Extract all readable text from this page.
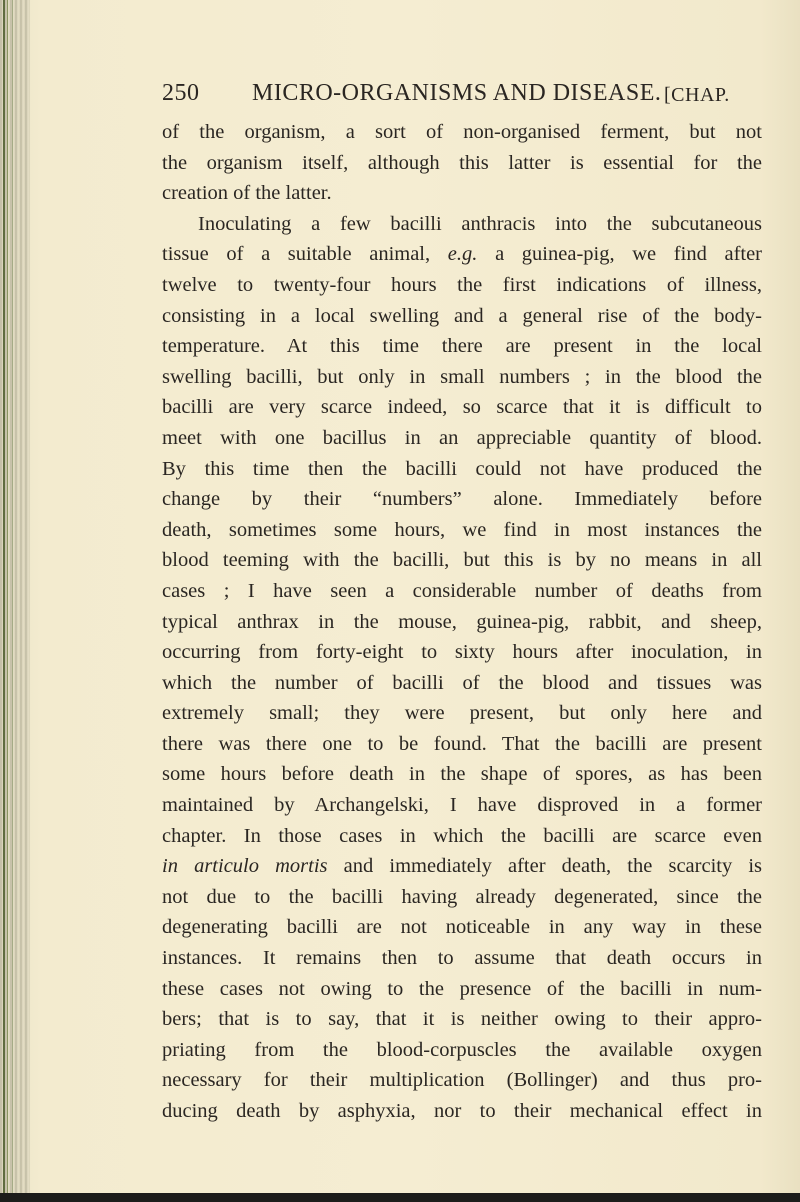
250 MICRO-ORGANISMS AND DISEASE. [CHAP.
of the organism, a sort of non-organised ferment, but not
the organism itself, although this latter is essential for the
creation of the latter.
Inoculating a few bacilli anthracis into the subcutaneous
tissue of a suitable animal, e.g. a guinea-pig, we find after
twelve to twenty-four hours the first indications of illness,
consisting in a local swelling and a general rise of the body-
temperature. At this time there are present in the local
swelling bacilli, but only in small numbers ; in the blood the
bacilli are very scarce indeed, so scarce that it is difficult to
meet with one bacillus in an appreciable quantity of blood.
By this time then the bacilli could not have produced the
change by their “numbers” alone. Immediately before
death, sometimes some hours, we find in most instances the
blood teeming with the bacilli, but this is by no means in all
cases ; I have seen a considerable number of deaths from
typical anthrax in the mouse, guinea-pig, rabbit, and sheep,
occurring from forty-eight to sixty hours after inoculation, in
which the number of bacilli of the blood and tissues was
extremely small; they were present, but only here and
there was there one to be found. That the bacilli are present
some hours before death in the shape of spores, as has been
maintained by Archangelski, I have disproved in a former
chapter. In those cases in which the bacilli are scarce even
in articulo mortis and immediately after death, the scarcity is
not due to the bacilli having already degenerated, since the
degenerating bacilli are not noticeable in any way in these
instances. It remains then to assume that death occurs in
these cases not owing to the presence of the bacilli in num-
bers; that is to say, that it is neither owing to their appro-
priating from the blood-corpuscles the available oxygen
necessary for their multiplication (Bollinger) and thus pro-
ducing death by asphyxia, nor to their mechanical effect in
